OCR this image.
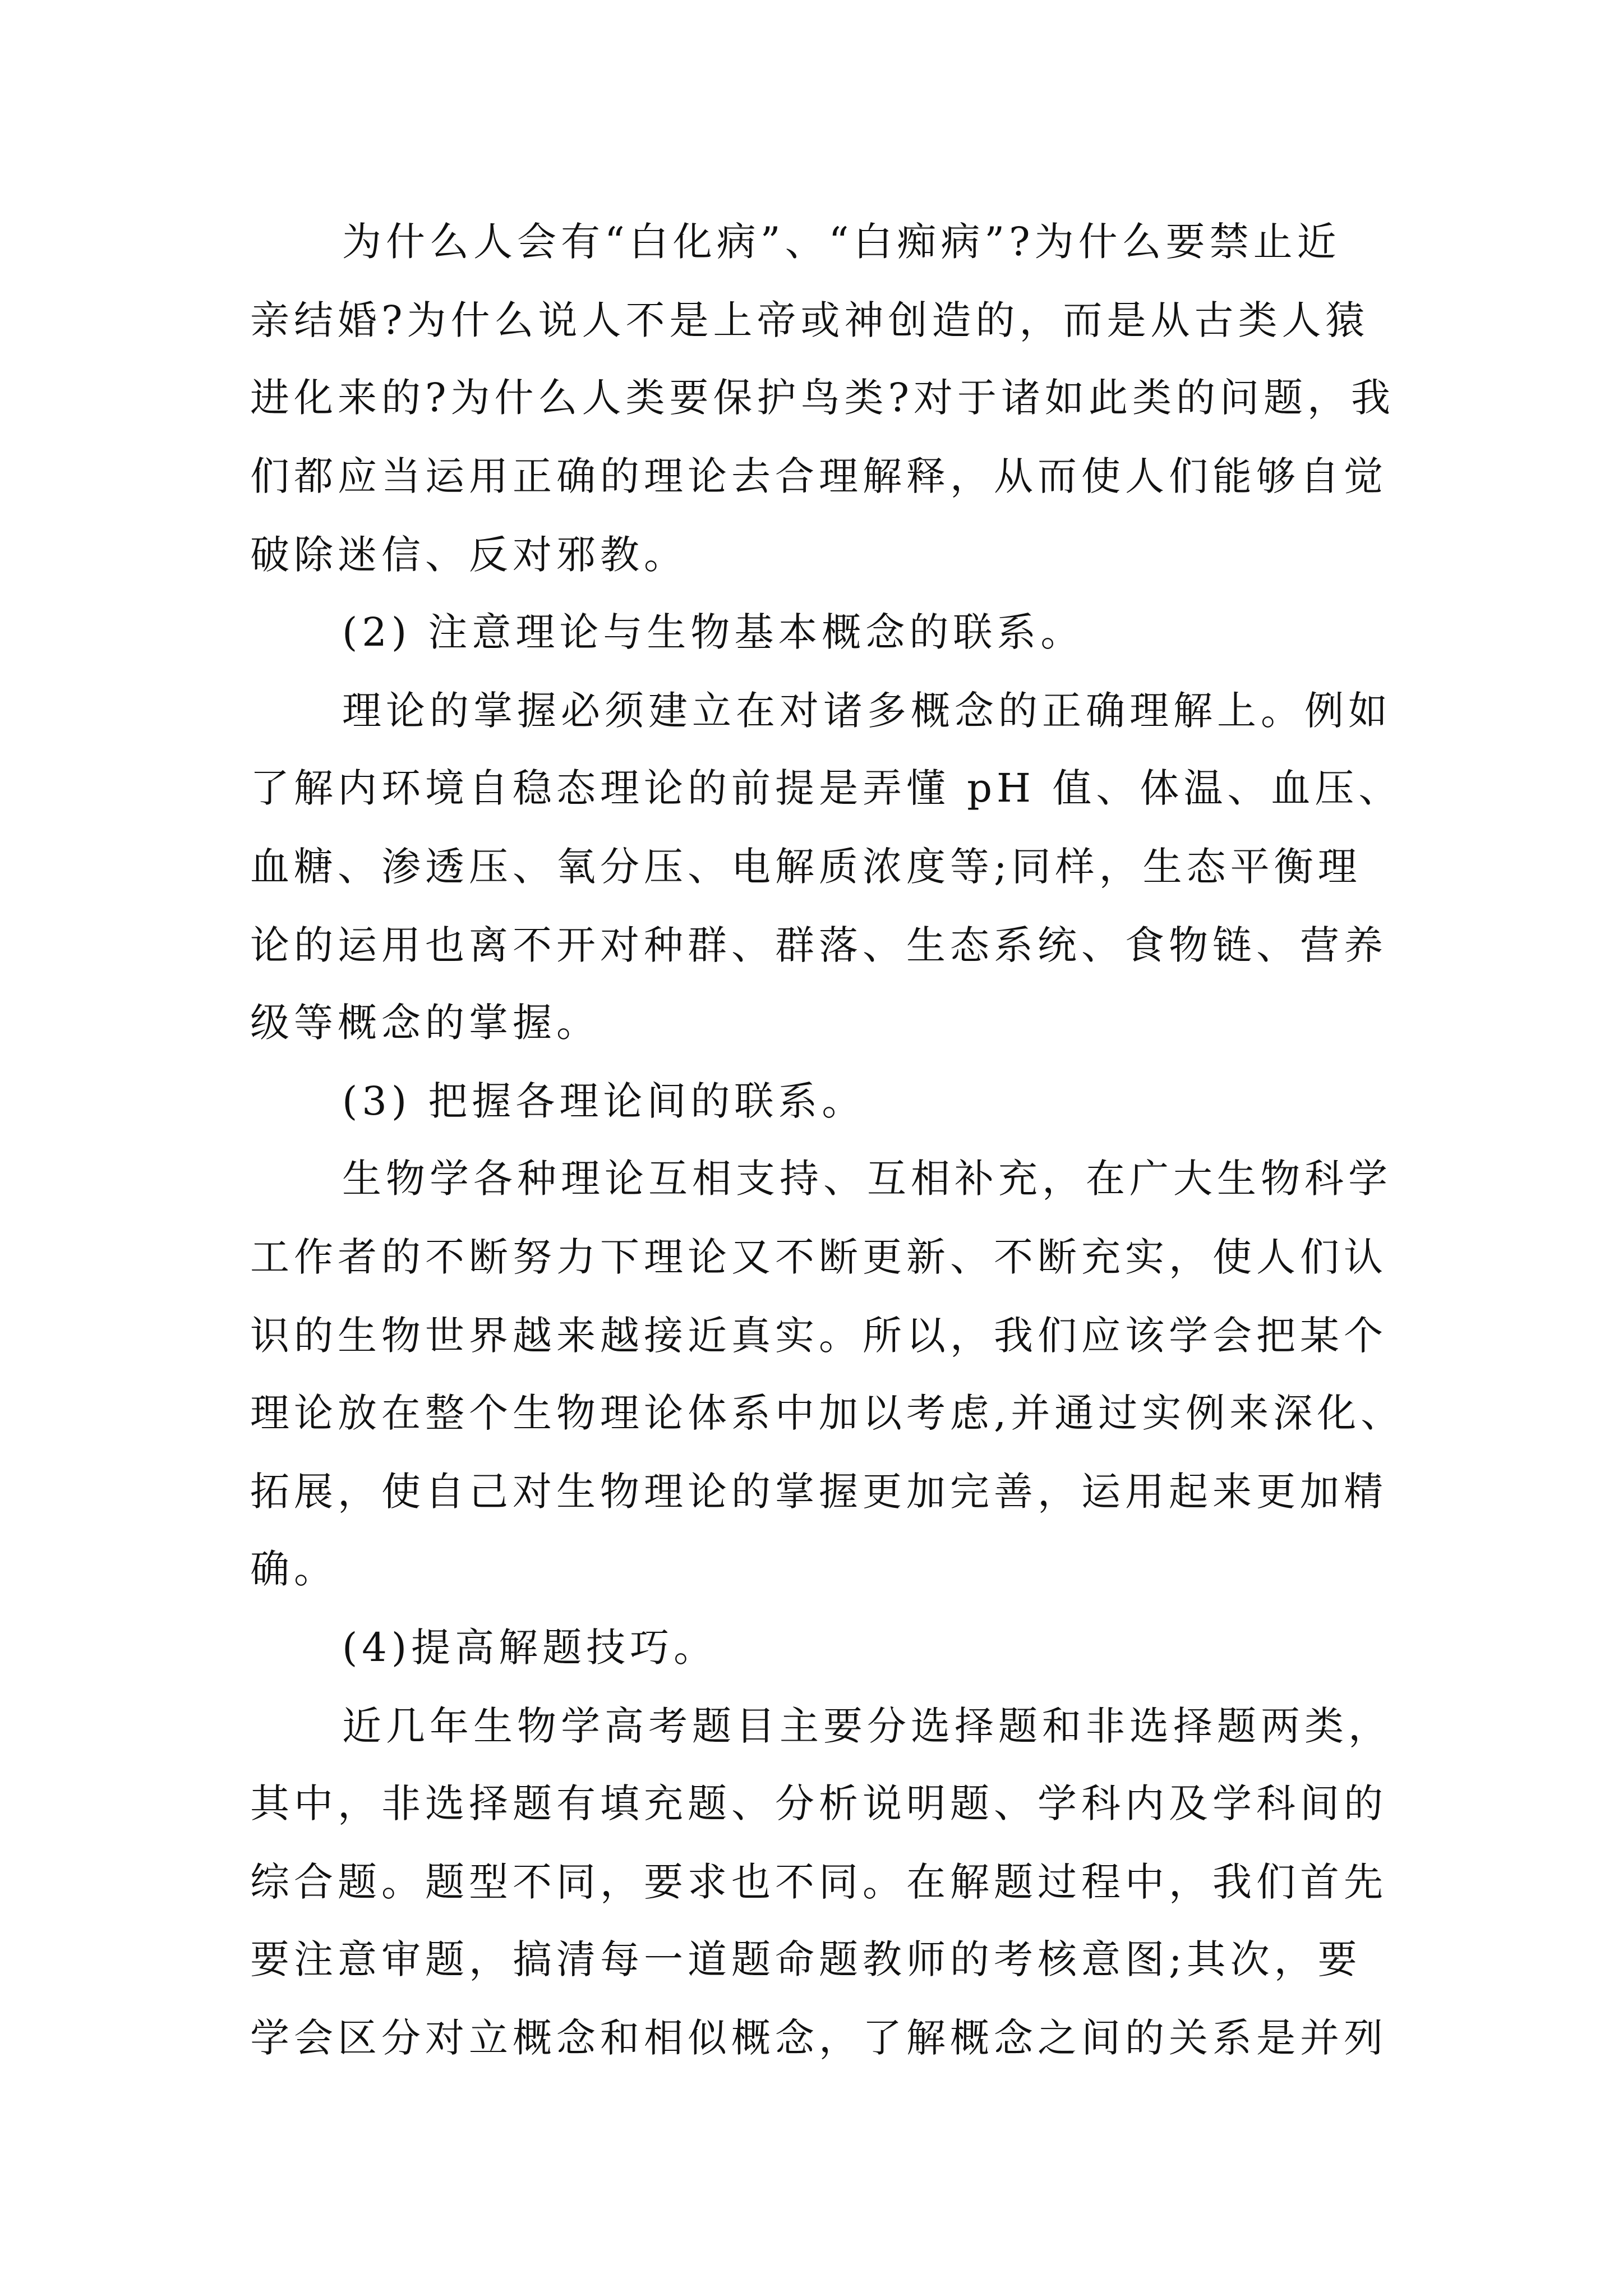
为什么人会有“白化病”、“白痴病”?为什么要禁止近

亲结婚?为什么说人不是上帝或神创造的，而是从古类人猿

进化来的?为什么人类要保护鸟类?对于诸如此类的问题，我

们都应当运用正确的理论去合理解释，从而使人们能够自觉

破除迷信、反对邪教。

(2) 注意理论与生物基本概念的联系。

理论的掌握必须建立在对诸多概念的正确理解上。例如

了解内环境自稳态理论的前提是弄懂 pH 值、体温、血压、

血糖、渗透压、氧分压、电解质浓度等;同样，生态平衡理

论的运用也离不开对种群、群落、生态系统、食物链、营养

级等概念的掌握。

(3) 把握各理论间的联系。

生物学各种理论互相支持、互相补充，在广大生物科学

工作者的不断努力下理论又不断更新、不断充实，使人们认

识的生物世界越来越接近真实。所以，我们应该学会把某个

理论放在整个生物理论体系中加以考虑,并通过实例来深化、

拓展，使自己对生物理论的掌握更加完善，运用起来更加精

确。

(4)提高解题技巧。

近几年生物学高考题目主要分选择题和非选择题两类，

其中，非选择题有填充题、分析说明题、学科内及学科间的

综合题。题型不同，要求也不同。在解题过程中，我们首先

要注意审题，搞清每一道题命题教师的考核意图;其次，要

学会区分对立概念和相似概念，了解概念之间的关系是并列
